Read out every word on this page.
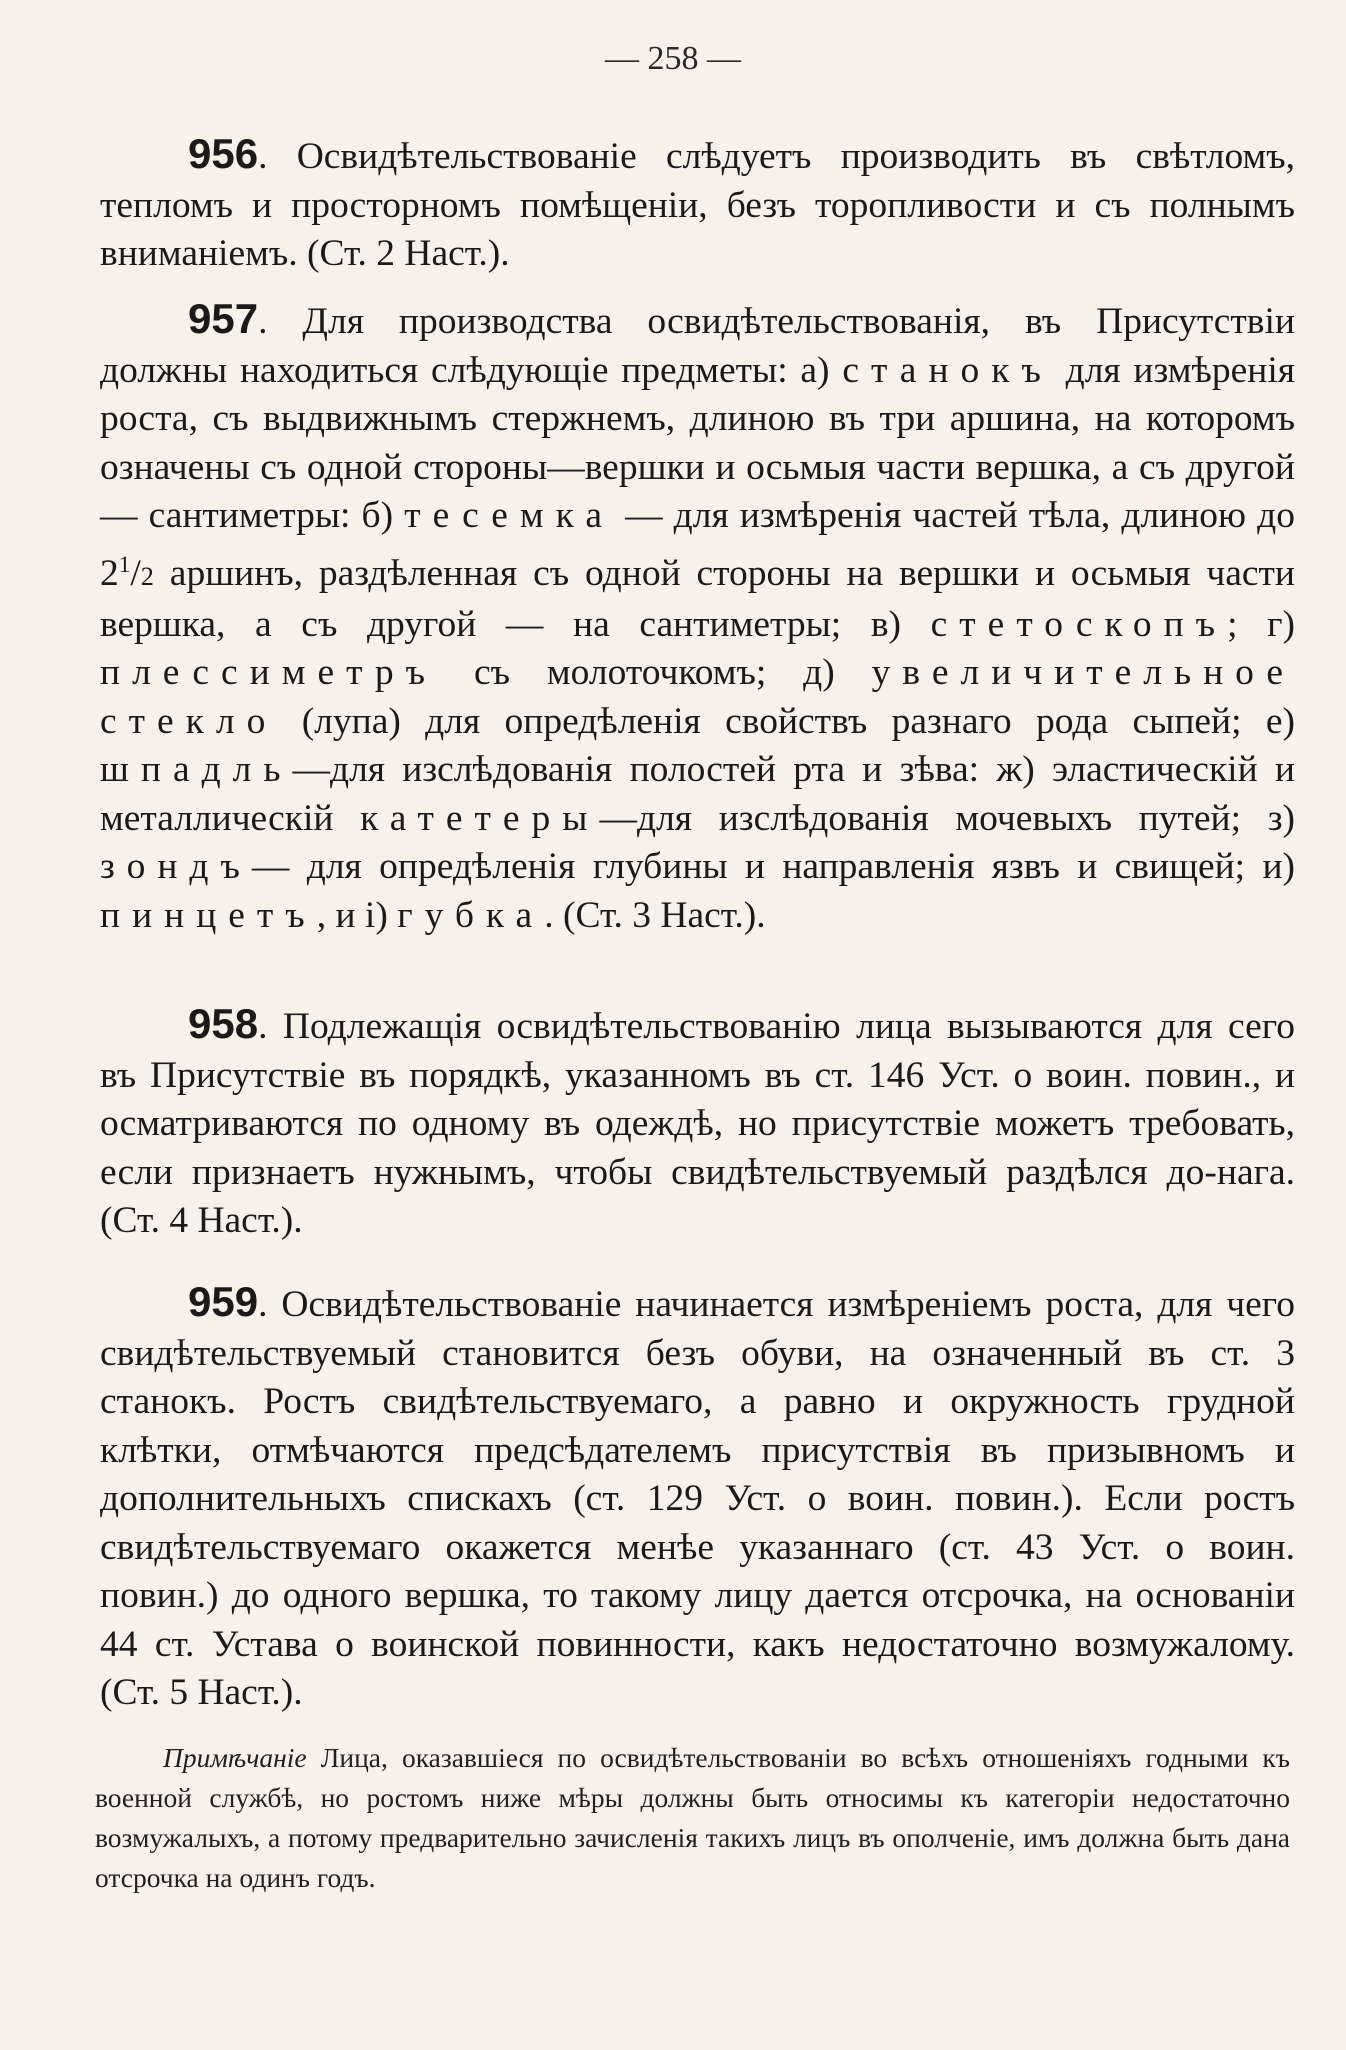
— 258 —

956. Освидѣтельствованіе слѣдуетъ производить въ свѣтломъ, тепломъ и просторномъ помѣщеніи, безъ торопливости и съ полнымъ вниманіемъ. (Ст. 2 Наст.).

957. Для производства освидѣтельствованія, въ Присутствіи должны находиться слѣдующіе предметы: а) станокъ для измѣренія роста, съ выдвижнымъ стержнемъ, длиною въ три аршина, на которомъ означены съ одной стороны—вершки и осьмыя части вершка, а съ другой — сантиметры: б) тесемка — для измѣренія частей тѣла, длиною до $2^1/2$ аршинъ, раздѣленная съ одной стороны на вершки и осьмыя части вершка, а съ другой — на сантиметры; в) стетоскопъ; г) плессиметръ съ молоточкомъ; д) увеличительное стекло (лупа) для опредѣленія свойствъ разнаго рода сыпей; е) шпадль—для изслѣдованія полостей рта и зѣва: ж) эластическій и металлическій катетеры—для изслѣдованія мочевыхъ путей; з) зондъ— для опредѣленія глубины и направленія язвъ и свищей; и) пинцетъ, и і) губка. (Ст. 3 Наст.).

958. Подлежащія освидѣтельствованію лица вызываются для сего въ Присутствіе въ порядкѣ, указанномъ въ ст. 146 Уст. о воин. повин., и осматриваются по одному въ одеждѣ, но присутствіе можетъ требовать, если признаетъ нужнымъ, чтобы свидѣтельствуемый раздѣлся до-нага. (Ст. 4 Наст.).

959. Освидѣтельствованіе начинается измѣреніемъ роста, для чего свидѣтельствуемый становится безъ обуви, на означенный въ ст. 3 станокъ. Ростъ свидѣтельствуемаго, а равно и окружность грудной клѣтки, отмѣчаются предсѣдателемъ присутствія въ призывномъ и дополнительныхъ спискахъ (ст. 129 Уст. о воин. повин.). Если ростъ свидѣтельствуемаго окажется менѣе указаннаго (ст. 43 Уст. о воин. повин.) до одного вершка, то такому лицу дается отсрочка, на основаніи 44 ст. Устава о воинской повинности, какъ недостаточно возмужалому. (Ст. 5 Наст.).

Примѣчаніе Лица, оказавшіеся по освидѣтельствованіи во всѣхъ отношеніяхъ годными къ военной службѣ, но ростомъ ниже мѣры должны быть относимы къ категоріи недостаточно возмужалыхъ, а потому предварительно зачисленія такихъ лицъ въ ополченіе, имъ должна быть дана отсрочка на одинъ годъ.
